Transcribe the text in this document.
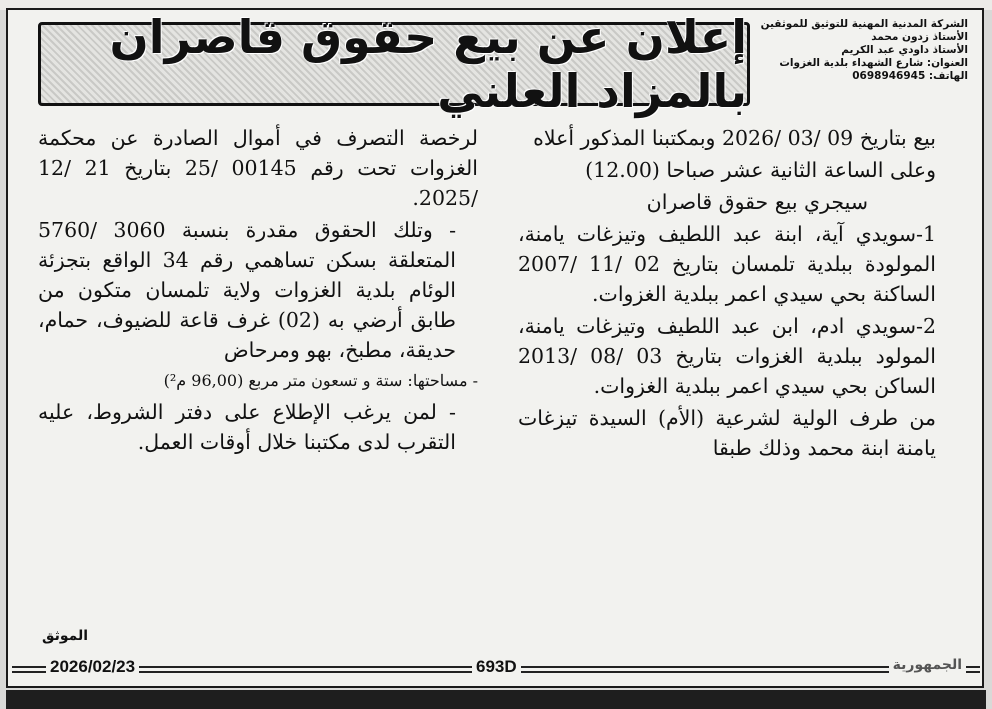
إعلان عن بيع حقوق قاصران بالمزاد العلني
الشركة المدنية المهنية للتوثيق للموثقين
الأستاذ زدون محمد
الأستاذ داودي عبد الكريم
العنوان: شارع الشهداء بلدية الغزوات
الهاتف: 0698946945

بيع بتاريخ 09 /03 /2026 وبمكتبنا المذكور أعلاه

وعلى الساعة الثانية عشر صباحا (12.00)

سيجري بيع حقوق قاصران

1-سويدي آية، ابنة عبد اللطيف وتيزغات يامنة، المولودة ببلدية تلمسان بتاريخ 02 /11 /2007 الساكنة بحي سيدي اعمر ببلدية الغزوات.

2-سويدي ادم، ابن عبد اللطيف وتيزغات يامنة، المولود ببلدية الغزوات بتاريخ 03 /08 /2013 الساكن بحي سيدي اعمر ببلدية الغزوات.

من طرف الولية لشرعية (الأم) السيدة تيزغات يامنة ابنة محمد وذلك طبقا

لرخصة التصرف في أموال الصادرة عن محكمة الغزوات تحت رقم 00145 /25 بتاريخ 21 /12 /2025.

- وتلك الحقوق مقدرة بنسبة 3060 /5760 المتعلقة بسكن تساهمي رقم 34 الواقع بتجزئة الوئام بلدية الغزوات ولاية تلمسان متكون من طابق أرضي به (02) غرف قاعة للضيوف، حمام، حديقة، مطبخ، بهو ومرحاض

- مساحتها: ستة و تسعون متر مربع (96,00 م²)

- لمن يرغب الإطلاع على دفتر الشروط، عليه التقرب لدى مكتبنا خلال أوقات العمل.

الموثق
2026/02/23	693D	الجمهورية
